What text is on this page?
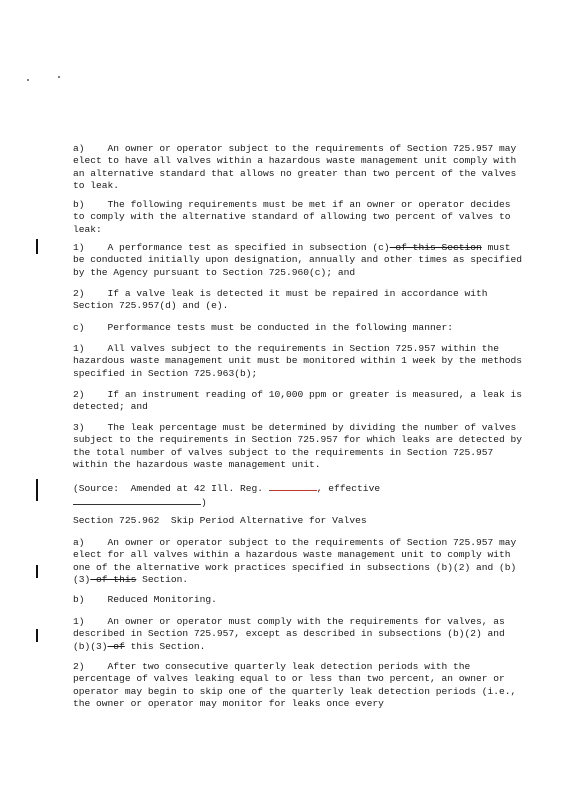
a)    An owner or operator subject to the requirements of Section 725.957 may elect to have all valves within a hazardous waste management unit comply with an alternative standard that allows no greater than two percent of the valves to leak.
b)    The following requirements must be met if an owner or operator decides to comply with the alternative standard of allowing two percent of valves to leak:
1)    A performance test as specified in subsection (c) of this Section must be conducted initially upon designation, annually and other times as specified by the Agency pursuant to Section 725.960(c); and
2)    If a valve leak is detected it must be repaired in accordance with Section 725.957(d) and (e).
c)    Performance tests must be conducted in the following manner:
1)    All valves subject to the requirements in Section 725.957 within the hazardous waste management unit must be monitored within 1 week by the methods specified in Section 725.963(b);
2)    If an instrument reading of 10,000 ppm or greater is measured, a leak is detected; and
3)    The leak percentage must be determined by dividing the number of valves subject to the requirements in Section 725.957 for which leaks are detected by the total number of valves subject to the requirements in Section 725.957 within the hazardous waste management unit.
(Source:  Amended at 42 Ill. Reg.	, effective
)
Section 725.962  Skip Period Alternative for Valves
a)    An owner or operator subject to the requirements of Section 725.957 may elect for all valves within a hazardous waste management unit to comply with one of the alternative work practices specified in subsections (b)(2) and (b)(3) of this Section.
b)    Reduced Monitoring.
1)    An owner or operator must comply with the requirements for valves, as described in Section 725.957, except as described in subsections (b)(2) and (b)(3) of this Section.
2)    After two consecutive quarterly leak detection periods with the percentage of valves leaking equal to or less than two percent, an owner or operator may begin to skip one of the quarterly leak detection periods (i.e., the owner or operator may monitor for leaks once every
